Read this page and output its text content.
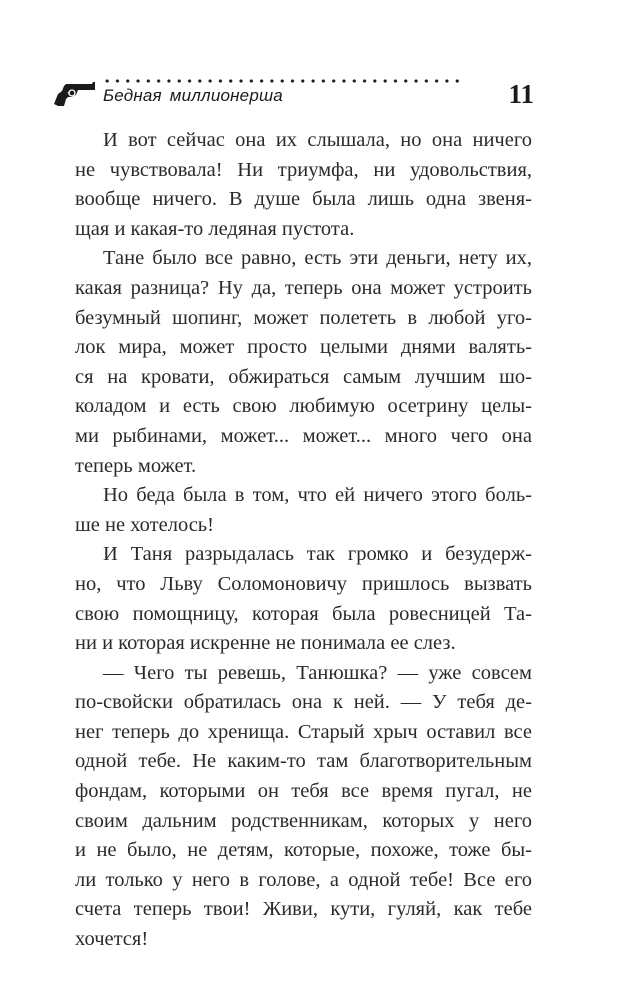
Бедная миллионерша	11
И вот сейчас она их слышала, но она ничего
не чувствовала! Ни триумфа, ни удовольствия,
вообще ничего. В душе была лишь одна звеня-
щая и какая-то ледяная пустота.
Тане было все равно, есть эти деньги, нету их,
какая разница? Ну да, теперь она может устроить
безумный шопинг, может полететь в любой уго-
лок мира, может просто целыми днями валять-
ся на кровати, обжираться самым лучшим шо-
коладом и есть свою любимую осетрину целы-
ми рыбинами, может... может... много чего она
теперь может.
Но беда была в том, что ей ничего этого боль-
ше не хотелось!
И Таня разрыдалась так громко и безудерж-
но, что Льву Соломоновичу пришлось вызвать
свою помощницу, которая была ровесницей Та-
ни и которая искренне не понимала ее слез.
— Чего ты ревешь, Танюшка? — уже совсем
по-свойски обратилась она к ней. — У тебя де-
нег теперь до хренища. Старый хрыч оставил все
одной тебе. Не каким-то там благотворительным
фондам, которыми он тебя все время пугал, не
своим дальним родственникам, которых у него
и не было, не детям, которые, похоже, тоже бы-
ли только у него в голове, а одной тебе! Все его
счета теперь твои! Живи, кути, гуляй, как тебе
хочется!
